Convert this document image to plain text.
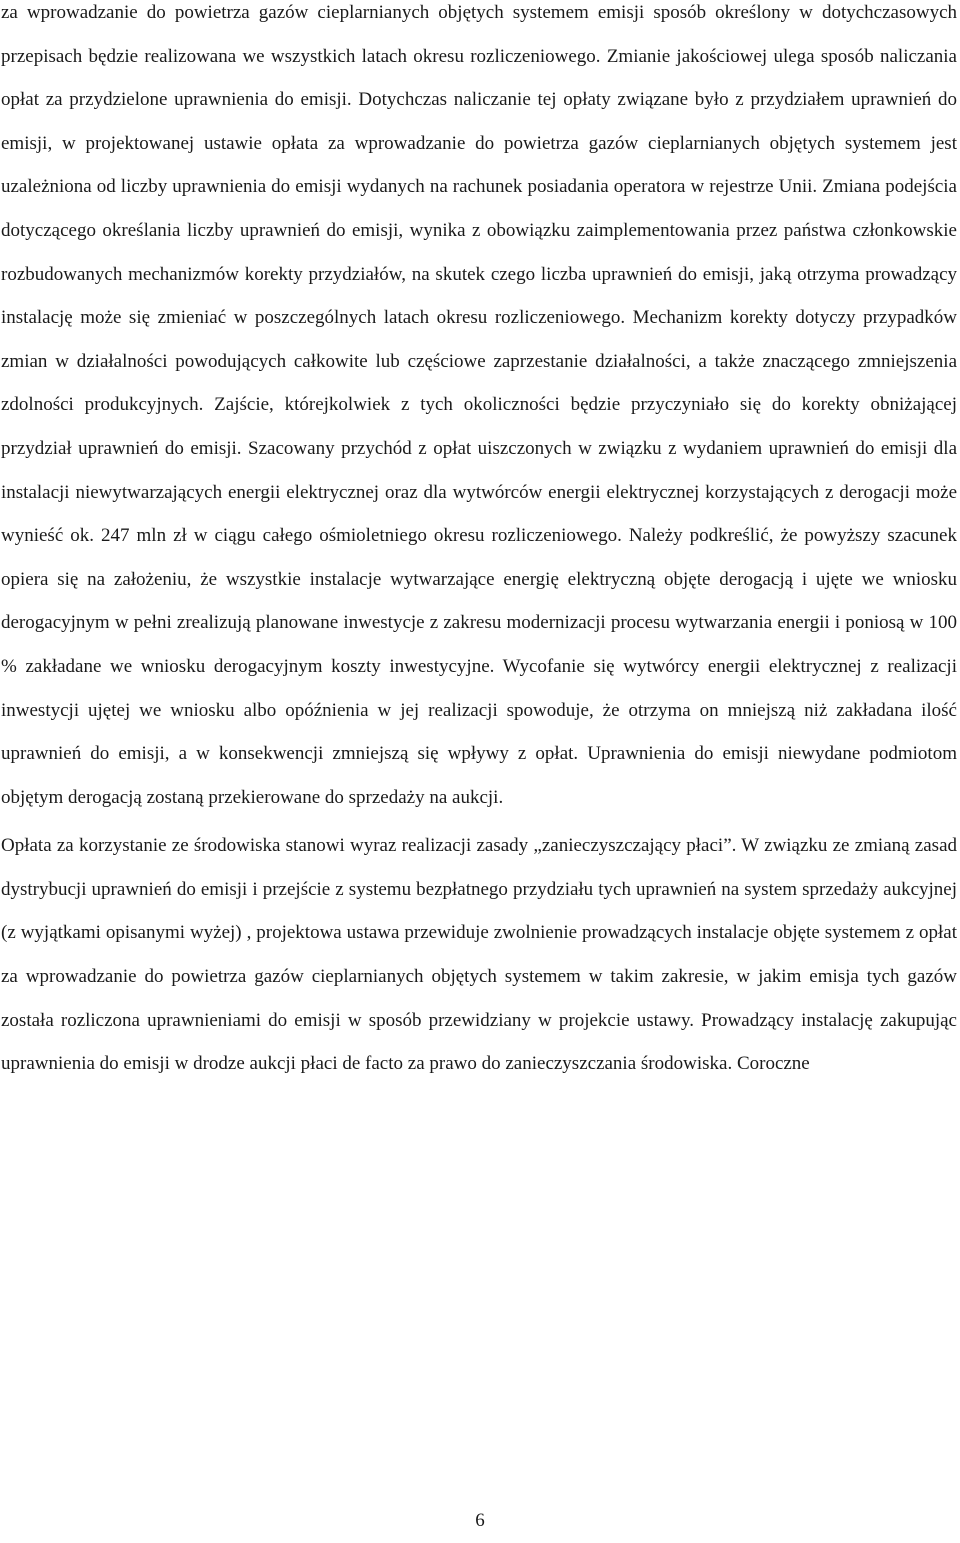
za wprowadzanie do powietrza gazów cieplarnianych objętych systemem emisji sposób określony w dotychczasowych przepisach będzie realizowana we wszystkich latach okresu rozliczeniowego. Zmianie jakościowej ulega sposób naliczania opłat za przydzielone uprawnienia do emisji. Dotychczas naliczanie tej opłaty związane było z przydziałem uprawnień do emisji, w projektowanej ustawie opłata za wprowadzanie do powietrza gazów cieplarnianych objętych systemem jest uzależniona od liczby uprawnienia do emisji wydanych na rachunek posiadania operatora w rejestrze Unii. Zmiana podejścia dotyczącego określania liczby uprawnień do emisji, wynika z obowiązku zaimplementowania przez państwa członkowskie rozbudowanych mechanizmów korekty przydziałów, na skutek czego liczba uprawnień do emisji, jaką otrzyma prowadzący instalację może się zmieniać w poszczególnych latach okresu rozliczeniowego. Mechanizm korekty dotyczy przypadków zmian w działalności powodujących całkowite lub częściowe zaprzestanie działalności, a także znaczącego zmniejszenia zdolności produkcyjnych. Zajście, którejkolwiek z tych okoliczności będzie przyczyniało się do korekty obniżającej przydział uprawnień do emisji. Szacowany przychód z opłat uiszczonych w związku z wydaniem uprawnień do emisji dla instalacji niewytwarzających energii elektrycznej oraz dla wytwórców energii elektrycznej korzystających z derogacji może wynieść ok. 247 mln zł w ciągu całego ośmioletniego okresu rozliczeniowego. Należy podkreślić, że powyższy szacunek opiera się na założeniu, że wszystkie instalacje wytwarzające energię elektryczną objęte derogacją i ujęte we wniosku derogacyjnym w pełni zrealizują planowane inwestycje z zakresu modernizacji procesu wytwarzania energii i poniosą w 100 % zakładane we wniosku derogacyjnym koszty inwestycyjne. Wycofanie się wytwórcy energii elektrycznej z realizacji inwestycji ujętej we wniosku albo opóźnienia w jej realizacji spowoduje, że otrzyma on mniejszą niż zakładana ilość uprawnień do emisji, a w konsekwencji zmniejszą się wpływy z opłat. Uprawnienia do emisji niewydane podmiotom objętym derogacją zostaną przekierowane do sprzedaży na aukcji.

Opłata za korzystanie ze środowiska stanowi wyraz realizacji zasady „zanieczyszczający płaci”. W związku ze zmianą zasad dystrybucji uprawnień do emisji i przejście z systemu bezpłatnego przydziału tych uprawnień na system sprzedaży aukcyjnej (z wyjątkami opisanymi wyżej) , projektowa ustawa przewiduje zwolnienie prowadzących instalacje objęte systemem z opłat za wprowadzanie do powietrza gazów cieplarnianych objętych systemem w takim zakresie, w jakim emisja tych gazów została rozliczona uprawnieniami do emisji w sposób przewidziany w projekcie ustawy. Prowadzący instalację zakupując uprawnienia do emisji w drodze aukcji płaci de facto za prawo do zanieczyszczania środowiska. Coroczne

6
